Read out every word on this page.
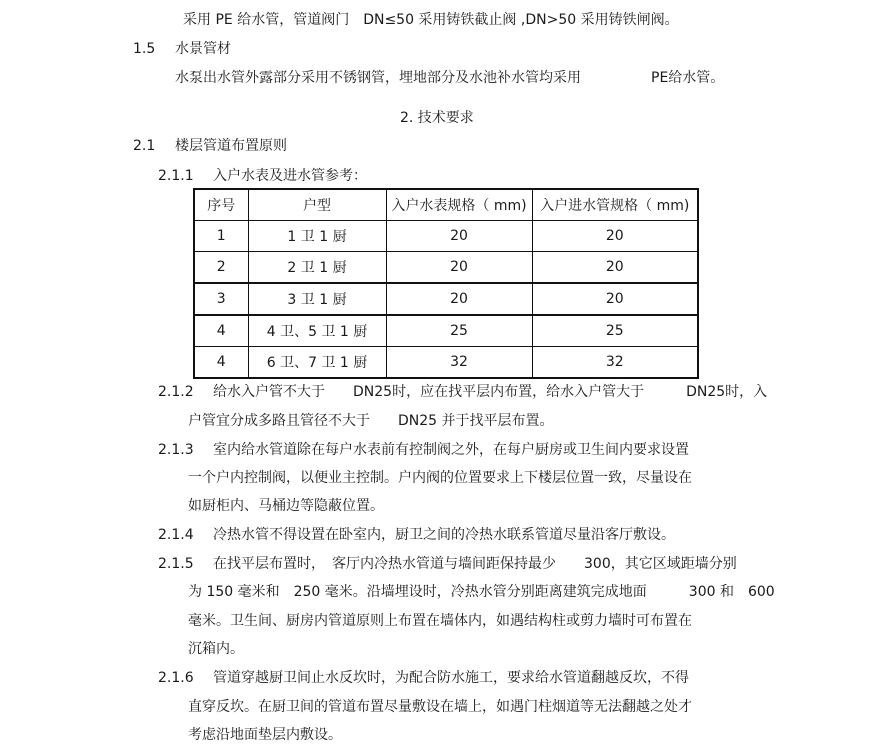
采用 PE 给水管，管道阀门　DN≤50 采用铸铁截止阀 ,DN>50 采用铸铁闸阀。
1.5 水景管材
水泵出水管外露部分采用不锈钢管，埋地部分及水池补水管均采用　　　　　PE给水管。
2. 技术要求
2.1 楼层管道布置原则
2.1.1 入户水表及进水管参考：
序号	户型	入户水表规格（ mm)	入户进水管规格（ mm)
1	1 卫 1 厨	20	20
2	2 卫 1 厨	20	20
3	3 卫 1 厨	20	20
4	4 卫、5 卫 1 厨	25	25
4	6 卫、7 卫 1 厨	32	32
2.1.2 给水入户管不大于　　DN25时，应在找平层内布置，给水入户管大于　　　DN25时，入
户管宜分成多路且管径不大于　　DN25 并于找平层布置。
2.1.3 室内给水管道除在每户水表前有控制阀之外，在每户厨房或卫生间内要求设置
一个户内控制阀，以便业主控制。户内阀的位置要求上下楼层位置一致，尽量设在
如厨柜内、马桶边等隐蔽位置。
2.1.4 冷热水管不得设置在卧室内，厨卫之间的冷热水联系管道尽量沿客厅敷设。
2.1.5 在找平层布置时，　客厅内冷热水管道与墙间距保持最少　　300，其它区域距墙分别
为 150 毫米和　250 毫米。沿墙埋设时，冷热水管分别距离建筑完成地面　　　300 和　600
毫米。卫生间、厨房内管道原则上布置在墙体内，如遇结构柱或剪力墙时可布置在
沉箱内。
2.1.6 管道穿越厨卫间止水反坎时，为配合防水施工，要求给水管道翻越反坎，不得
直穿反坎。在厨卫间的管道布置尽量敷设在墙上，如遇门柱烟道等无法翻越之处才
考虑沿地面垫层内敷设。
